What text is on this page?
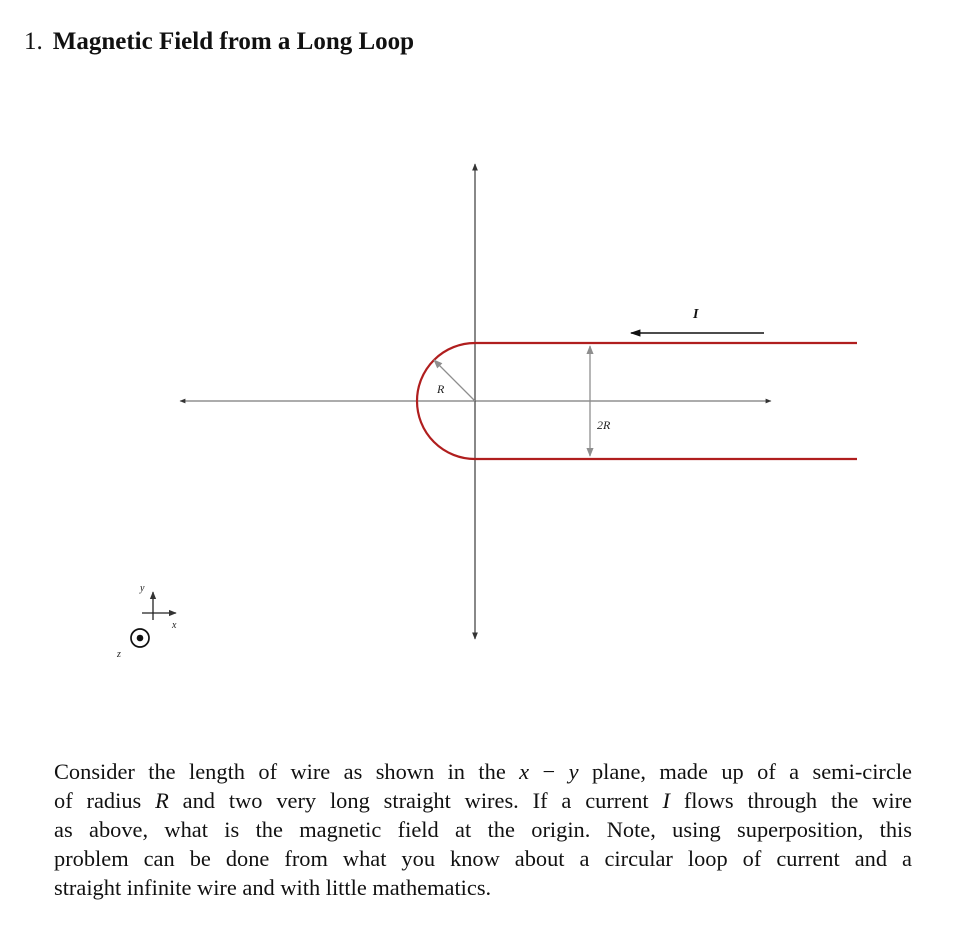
1. Magnetic Field from a Long Loop
R
2R
I
y
x
z

Consider the length of wire as shown in the x − y plane, made up of a semi-circle
of radius R and two very long straight wires. If a current I flows through the wire
as above, what is the magnetic field at the origin. Note, using superposition, this
problem can be done from what you know about a circular loop of current and a
straight infinite wire and with little mathematics.
